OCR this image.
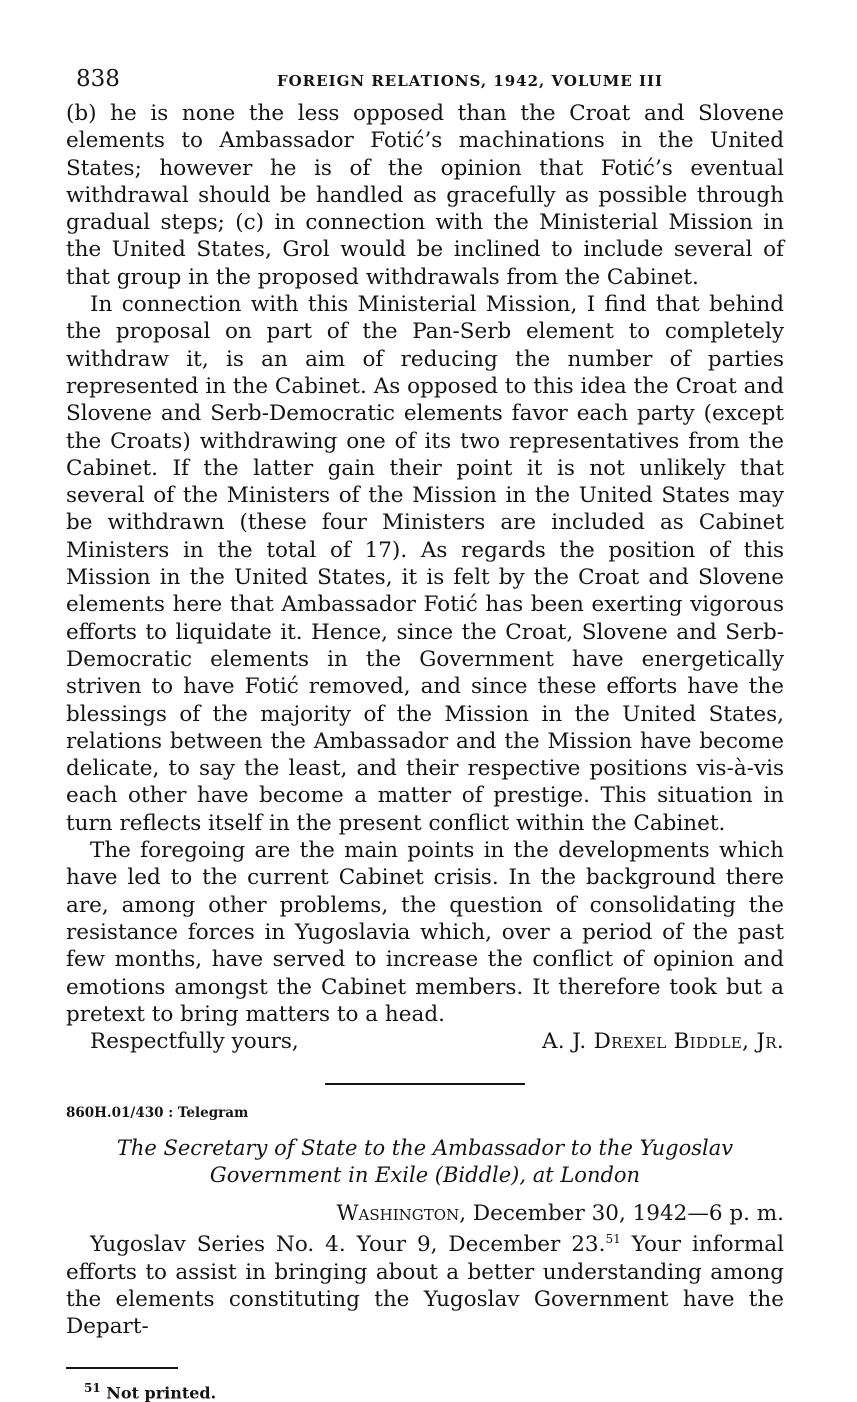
838	FOREIGN RELATIONS, 1942, VOLUME III

(b) he is none the less opposed than the Croat and Slovene elements to Ambassador Fotić’s machinations in the United States; however he is of the opinion that Fotić’s eventual withdrawal should be handled as gracefully as possible through gradual steps; (c) in connection with the Ministerial Mission in the United States, Grol would be inclined to include several of that group in the proposed withdrawals from the Cabinet.

In connection with this Ministerial Mission, I find that behind the proposal on part of the Pan-Serb element to completely withdraw it, is an aim of reducing the number of parties represented in the Cabinet. As opposed to this idea the Croat and Slovene and Serb-Democratic elements favor each party (except the Croats) withdrawing one of its two representatives from the Cabinet. If the latter gain their point it is not unlikely that several of the Ministers of the Mission in the United States may be withdrawn (these four Ministers are included as Cabinet Ministers in the total of 17). As regards the position of this Mission in the United States, it is felt by the Croat and Slovene elements here that Ambassador Fotić has been exerting vigorous efforts to liquidate it. Hence, since the Croat, Slovene and Serb-Democratic elements in the Government have energetically striven to have Fotić removed, and since these efforts have the blessings of the majority of the Mission in the United States, relations between the Ambassador and the Mission have become delicate, to say the least, and their respective positions vis-à-vis each other have become a matter of prestige. This situation in turn reflects itself in the present conflict within the Cabinet.

The foregoing are the main points in the developments which have led to the current Cabinet crisis. In the background there are, among other problems, the question of consolidating the resistance forces in Yugoslavia which, over a period of the past few months, have served to increase the conflict of opinion and emotions amongst the Cabinet members. It therefore took but a pretext to bring matters to a head.

Respectfully yours,	A. J. Drexel Biddle, Jr.
860H.01/430 : Telegram
The Secretary of State to the Ambassador to the Yugoslav Government in Exile (Biddle), at London
Washington, December 30, 1942—6 p. m.

Yugoslav Series No. 4. Your 9, December 23.51 Your informal efforts to assist in bringing about a better understanding among the elements constituting the Yugoslav Government have the Depart-

$^{51}$ Not printed.
